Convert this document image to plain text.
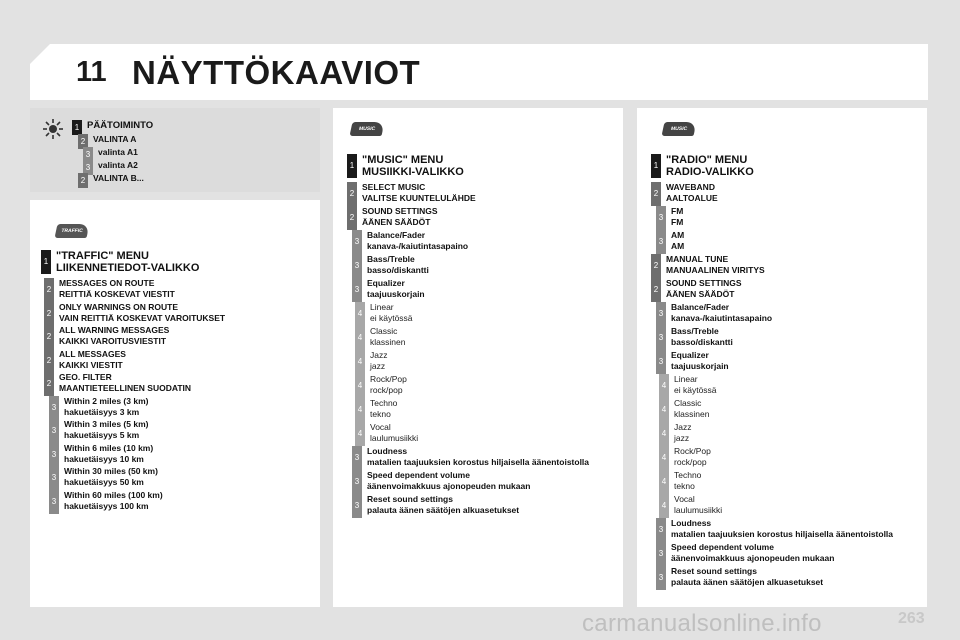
11 NÄYTTÖKAAVIOT
1 PÄÄTOIMINTO
2 VALINTA A
3 valinta A1
3 valinta A2
2 VALINTA B...
TRAFFIC
1 "TRAFFIC" MENU
LIIKENNETIEDOT-VALIKKO
2
MESSAGES ON ROUTE
REITTIÄ KOSKEVAT VIESTIT
2
ONLY WARNINGS ON ROUTE
VAIN REITTIÄ KOSKEVAT VAROITUKSET
2
ALL WARNING MESSAGES
KAIKKI VAROITUSVIESTIT
2
ALL MESSAGES
KAIKKI VIESTIT
2
GEO. FILTER
MAANTIETEELLINEN SUODATIN
3
Within 2 miles (3 km)
hakuetäisyys 3 km
3
Within 3 miles (5 km)
hakuetäisyys 5 km
3
Within 6 miles (10 km)
hakuetäisyys 10 km
3
Within 30 miles (50 km)
hakuetäisyys 50 km
3
Within 60 miles (100 km)
hakuetäisyys 100 km
MUSIC
1 "MUSIC" MENU
MUSIIKKI-VALIKKO
2
SELECT MUSIC
VALITSE KUUNTELULÄHDE
2
SOUND SETTINGS
ÄÄNEN SÄÄDÖT
3
Balance/Fader
kanava-/kaiutintasapaino
3
Bass/Treble
basso/diskantti
3
Equalizer
taajuuskorjain
4
Linear
ei käytössä
4
Classic
klassinen
4
Jazz
jazz
4
Rock/Pop
rock/pop
4
Techno
tekno
4
Vocal
laulumusiikki
3
Loudness
matalien taajuuksien korostus hiljaisella äänentoistolla
3
Speed dependent volume
äänenvoimakkuus ajonopeuden mukaan
3
Reset sound settings
palauta äänen säätöjen alkuasetukset
MUSIC
1 "RADIO" MENU
RADIO-VALIKKO
2
WAVEBAND
AALTOALUE
3
FM
FM
3
AM
AM
2
MANUAL TUNE
MANUAALINEN VIRITYS
2
SOUND SETTINGS
ÄÄNEN SÄÄDÖT
3
Balance/Fader
kanava-/kaiutintasapaino
3
Bass/Treble
basso/diskantti
3
Equalizer
taajuuskorjain
4
Linear
ei käytössä
4
Classic
klassinen
4
Jazz
jazz
4
Rock/Pop
rock/pop
4
Techno
tekno
4
Vocal
laulumusiikki
3
Loudness
matalien taajuuksien korostus hiljaisella äänentoistolla
3
Speed dependent volume
äänenvoimakkuus ajonopeuden mukaan
3
Reset sound settings
palauta äänen säätöjen alkuasetukset
carmanualsonline.info	263
